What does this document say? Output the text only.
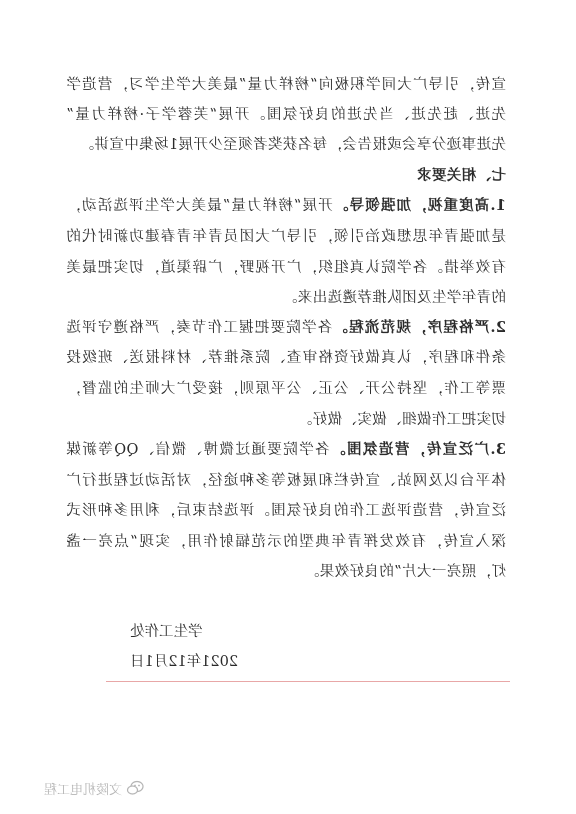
宣传，引导广大同学积极向“榜样力量”最美大学生学习，营造学

先进、赶先进、当先进的良好氛围。开展“芙蓉学子·榜样力量”

先进事迹分享会或报告会，每名获奖者须至少开展1场集中宣讲。

七、相关要求

1.高度重视，加强领导。开展“榜样力量”最美大学生评选活动，

是加强青年思想政治引领，引导广大团员青年青春建功新时代的

有效举措。各学院认真组织，广开视野，广辟渠道，切实把最美

的青年学生及团队推荐遴选出来。

2.严格程序，规范流程。各学院要把握工作节奏，严格遵守评选

条件和程序，认真做好资格审查、院系推荐、材料报送、班级投

票等工作，坚持公开、公正、公平原则，接受广大师生的监督，

切实把工作做细、做实、做好。

3.广泛宣传，营造氛围。各学院要通过微博、微信、QQ等新媒

体平台以及网站、宣传栏和展板等多种途径，对活动过程进行广

泛宣传，营造评选工作的良好氛围。评选结束后，利用多种形式

深入宣传，有效发挥青年典型的示范辐射作用，实现“点亮一盏

灯，照亮一大片”的良好效果。

学生工作处
2021年12月1日
文陵机电工程
